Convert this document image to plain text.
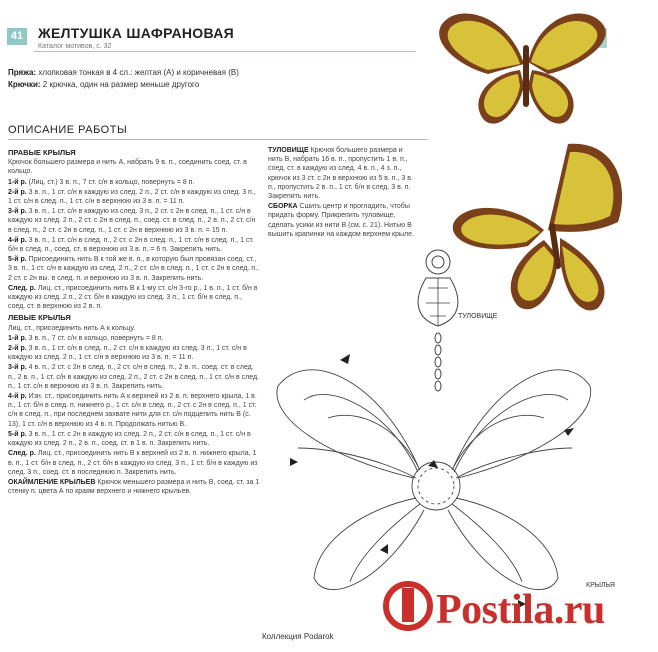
41 ЖЕЛТУШКА ШАФРАНОВАЯ
Каталог мотивов, с. 32
Пряжа: хлопковая тонкая в 4 сл.: желтая (А) и коричневая (В)
Крючки: 2 крючка, один на размер меньше другого
ОПИСАНИЕ РАБОТЫ

ПРАВЫЕ КРЫЛЬЯ

Крючок большего размера и нить А, набрать 9 в. п., соединить соед. ст. в кольцо.

1-й р. (Лиц. ст.) 3 в. п., 7 ст. с/н в кольцо, повернуть = 8 п.

2-й р. 3 в. п., 1 ст. с/н в каждую из след. 2 п., 2 ст. с/н в каждую из след. 3 п., 1 ст. с/н в след. п., 1 ст. с/н в верхнюю из 3 в. п. = 11 п.

3-й р. 3 в. п., 1 ст. с/н в каждую из след. 3 п., 2 ст. с 2н в след. п., 1 ст. с/н в каждую из след. 2 п., 2 ст. с 2н в след. п., соед. ст. в след. п., 2 в. п., 2 ст. с/н в след. п., 2 ст. с 2н в след. п., 1 ст. с 2н в верхнюю из 3 в. п. = 15 п.

4-й р. 3 в. п., 1 ст. с/н в след. п., 2 ст. с 2н в след. п., 1 ст. с/н в след. п., 1 ст. б/н в след. п., соед. ст. в верхнюю из 3 в. п. = 6 п. Закрепить нить.

5-й р. Присоединить нить В к той же в. п., в которую был провязан соед. ст., 3 в. п., 1 ст. с/н в каждую из след. 2 п., 2 ст. с/н в след. п., 1 ст. с 2н в след. п., 2 ст. с 2н вы. в след. п. и верхнюю из 3 в. п. Закрепить нить.

След. р. Лиц. ст., присоединить нить В к 1-му ст. с/н 3-го р., 1 в. п., 1 ст. б/н в каждую из след. 2 п., 2 ст. б/н в каждую из след. 3 п., 1 ст. б/н в след. п., соед. ст. в верхнюю из 2 в. п.

ЛЕВЫЕ КРЫЛЬЯ

Лиц. ст., присоединить нить А к кольцу.

1-й р. 3 в. п., 7 ст. с/н в кольцо, повернуть = 8 п.

2-й р. 3 в. п., 1 ст. с/н в след. п., 2 ст. с/н в каждую из след. 3 п., 1 ст. с/н в каждую из след. 2 п., 1 ст. с/н в верхнюю из 3 в. п. = 11 п.

3-й р. 4 в. п., 2 ст. с 2н в след. п., 2 ст. с/н в след. п., 2 в. п., соед. ст. в след. п., 2 в. п., 1 ст. с/н в каждую из след. 2 п., 2 ст. с 2н в след. п., 1 ст. с/н в след. п., 1 ст. с/н в верхнюю из 3 в. п. Закрепить нить.

4-й р. Изн. ст., присоединить нить А к верхней из 2 в. п. верхнего крыла, 1 в. п., 1 ст. б/н в след. п. нижнего р., 1 ст. с/н в след. п., 2 ст. с 2н в след. п., 1 ст. с/н в след. п., при последнем захвате нити для ст. с/н подцепить нить В (с. 13), 1 ст. с/н в верхнюю из 4 в. п. Продолжать нитью В.

5-й р. 3 в. п., 1 ст. с 2н в каждую из след. 2 п., 2 ст. с/н в след. п., 1 ст. с/н в каждую из след. 2 п., 2 в. п., соед. ст. в 1 в. п. Закрепить нить.

След. р. Лиц. ст., присоединить нить В к верхней из 2 в. п. нижнего крыла, 1 в. п., 1 ст. б/н в след. п., 2 ст. б/н в каждую из след. 3 п., 1 ст. б/н в каждую из след. 3 п., соед. ст. в последнюю п. Закрепить нить.

ОКАЙМЛЕНИЕ КРЫЛЬЕВ Крючок меньшего размера и нить В, соед. ст. за 1 стенку п. цвета А по краям верхнего и нижнего крыльев.

ТУЛОВИЩЕ Крючок большего размера и нить В, набрать 16 в. п., пропустить 1 в. п., соед. ст. в каждую из след. 4 в. п., 4 з. п., крючок из 3 ст. с 2н в верхнюю из 5 в. п., 3 в. п., пропустить 2 в. п., 1 ст. б/н в след. 3 в. п. Закрепить нить.

СБОРКА Сшить центр и прогладить, чтобы придать форму. Прикрепить туловище, сделать усики из нити В (см. с. 21). Нитью В вышить крапинки на каждом верхнем крыле.

ТУЛОВИЩЕ
КРЫЛЬЯ
Postila.ru
Коллекция Podarok
